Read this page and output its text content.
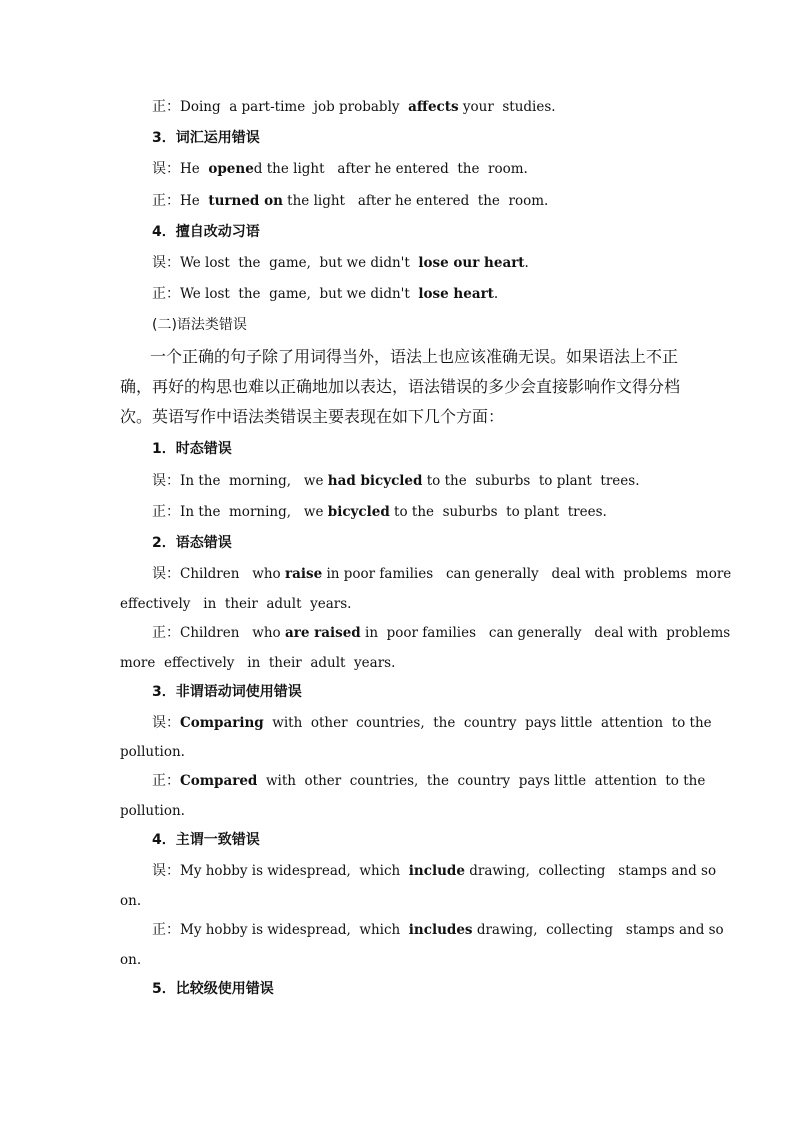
正：Doing  a part-time  job probably  affects your  studies.
3．词汇运用错误
误：He  opened the light   after he entered  the  room.
正：He  turned on the light   after he entered  the  room.
4．擅自改动习语
误：We lost  the  game,  but we didn't  lose our heart.
正：We lost  the  game,  but we didn't  lose heart.
(二)语法类错误
一个正确的句子除了用词得当外，语法上也应该准确无误。如果语法上不正
确，再好的构思也难以正确地加以表达，语法错误的多少会直接影响作文得分档
次。英语写作中语法类错误主要表现在如下几个方面：
1．时态错误
误：In the  morning,   we had bicycled to the  suburbs  to plant  trees.
正：In the  morning,   we bicycled to the  suburbs  to plant  trees.
2．语态错误
误：Children   who raise in poor families   can generally   deal with  problems  more
effectively   in  their  adult  years.
正：Children   who are raised in  poor families   can generally   deal with  problems
more  effectively   in  their  adult  years.
3．非谓语动词使用错误
误：Comparing  with  other  countries,  the  country  pays little  attention  to the
pollution.
正：Compared  with  other  countries,  the  country  pays little  attention  to the
pollution.
4．主谓一致错误
误：My hobby is widespread,  which  include drawing,  collecting   stamps and so
on.
正：My hobby is widespread,  which  includes drawing,  collecting   stamps and so
on.
5．比较级使用错误
